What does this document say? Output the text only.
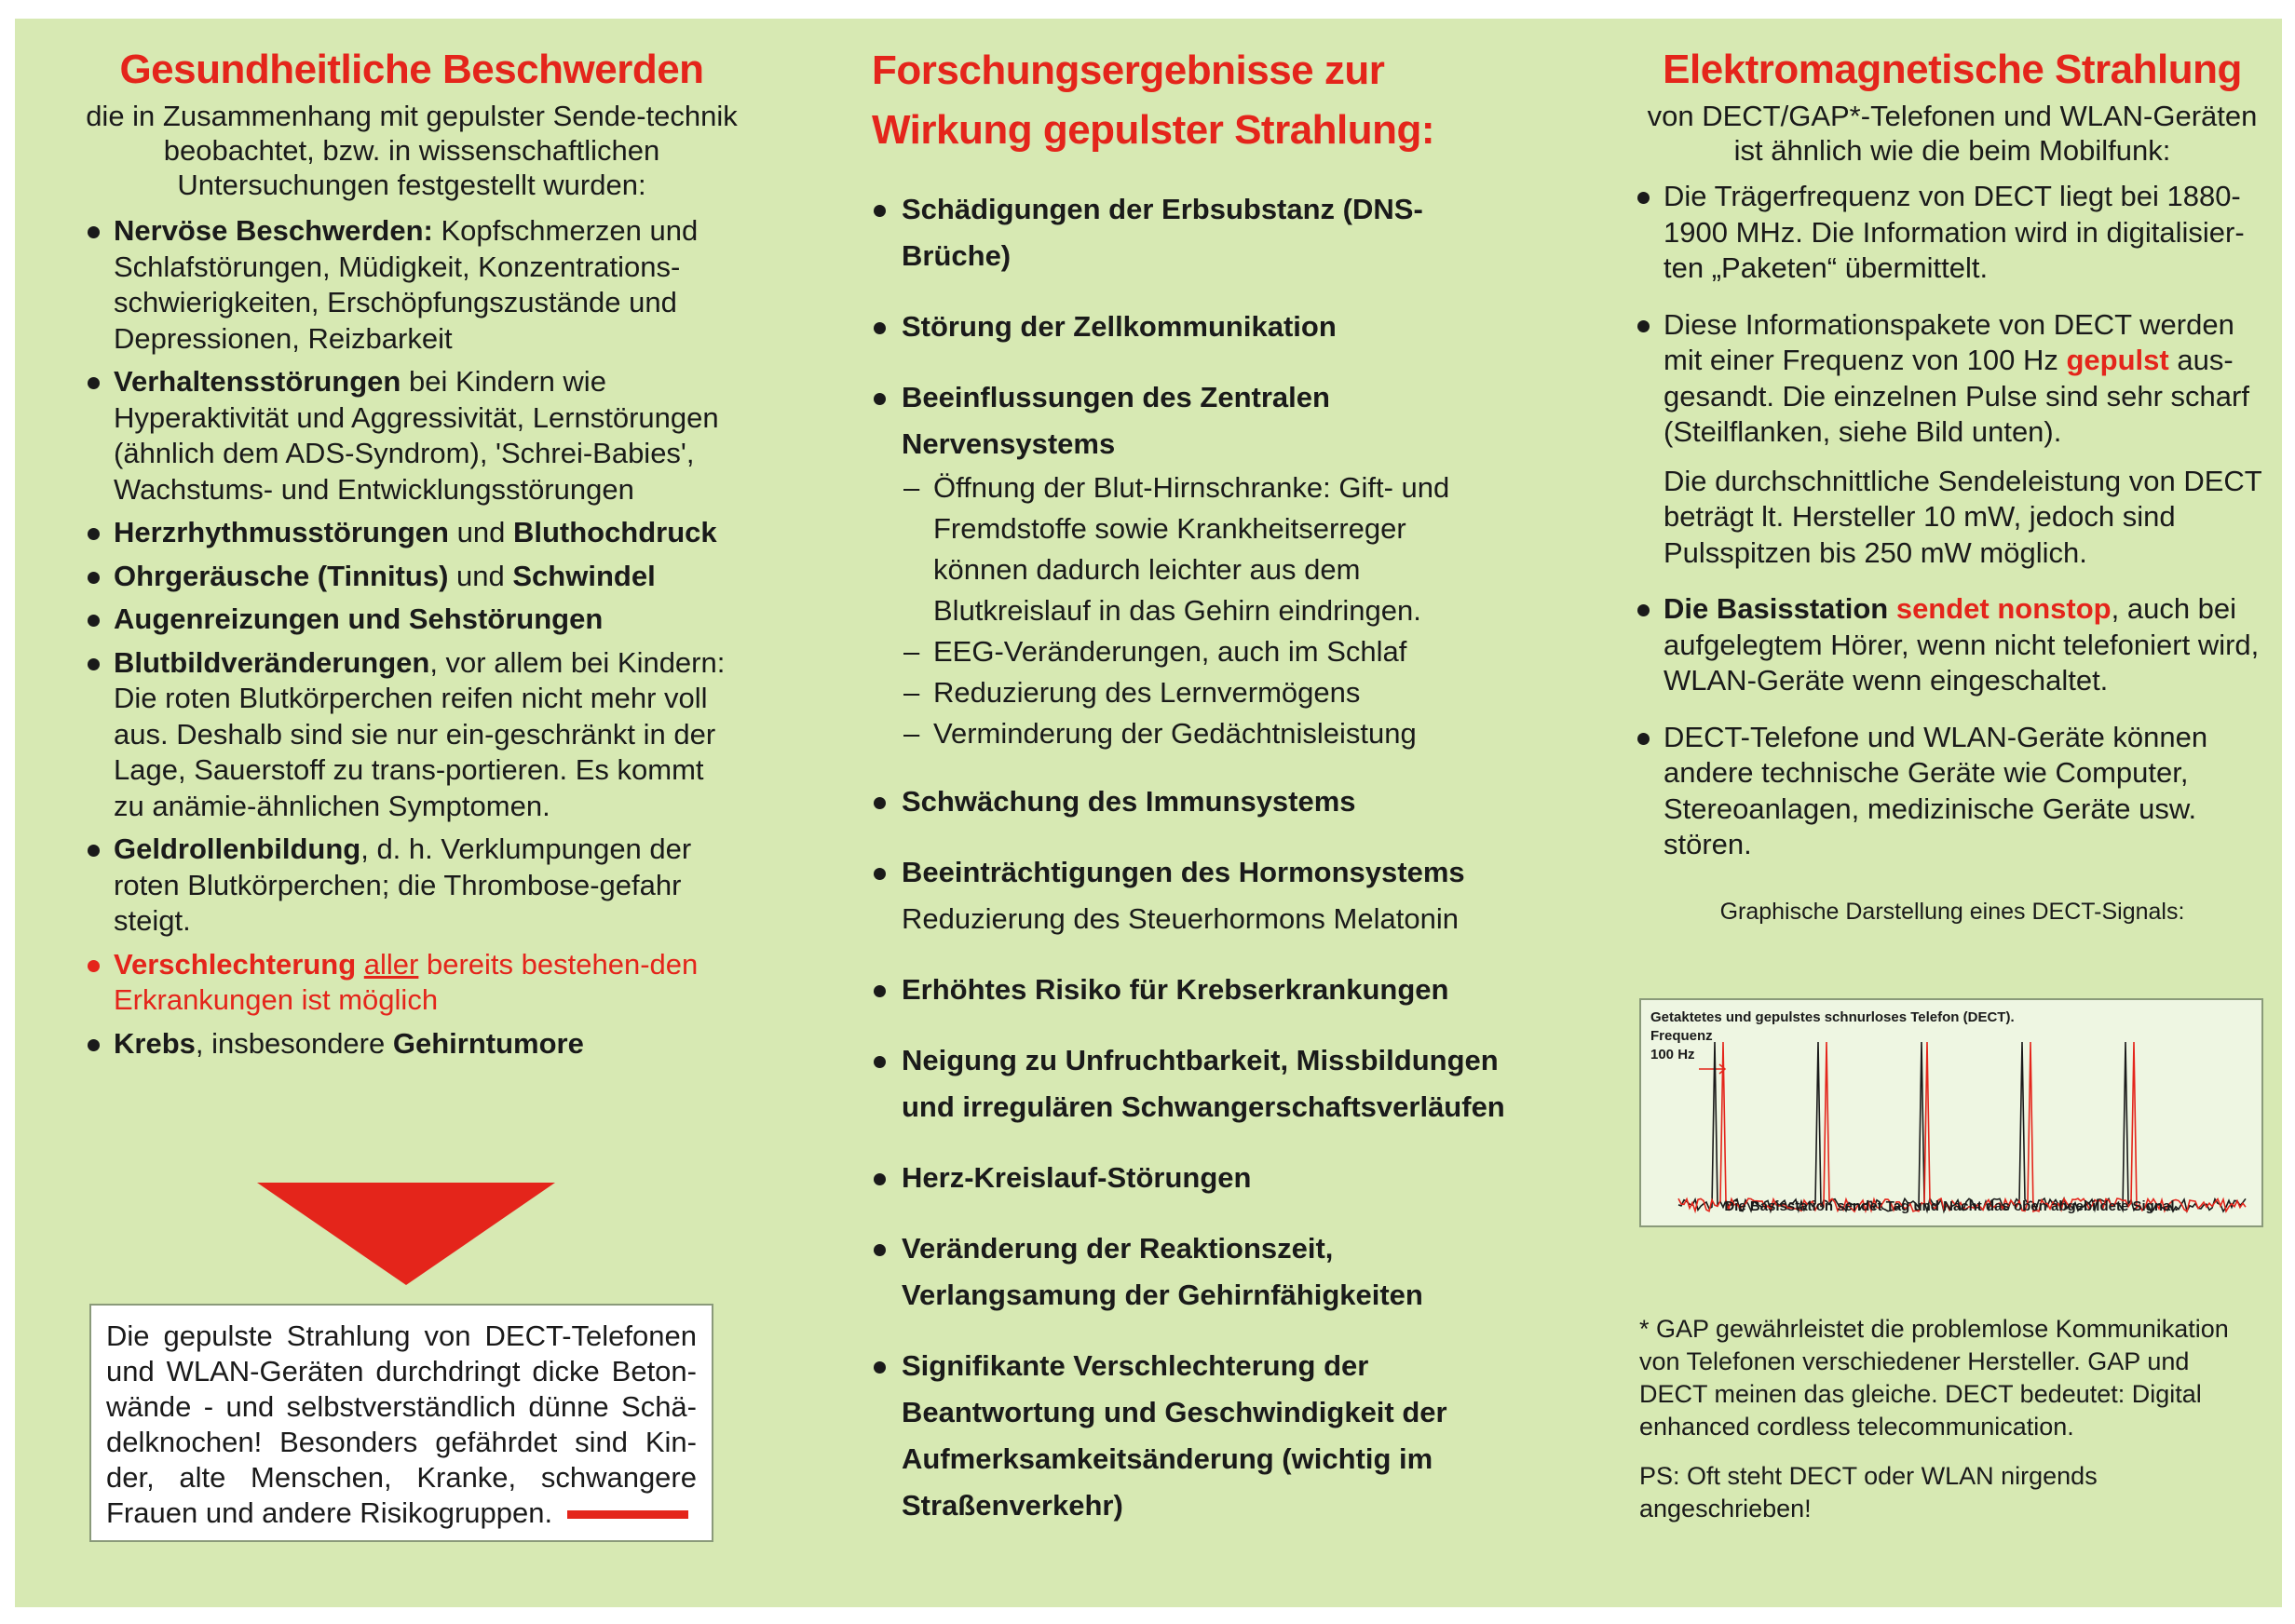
Gesundheitliche Beschwerden

die in Zusammenhang mit gepulster Sende-technik beobachtet, bzw. in wissenschaftlichen Untersuchungen festgestellt wurden:

Nervöse Beschwerden: Kopfschmerzen und Schlafstörungen, Müdigkeit, Konzentrations-schwierigkeiten, Erschöpfungszustände und Depressionen, Reizbarkeit
Verhaltensstörungen bei Kindern wie Hyperaktivität und Aggressivität, Lernstörungen (ähnlich dem ADS-Syndrom), 'Schrei-Babies', Wachstums- und Entwicklungsstörungen
Herzrhythmusstörungen und Bluthochdruck
Ohrgeräusche (Tinnitus) und Schwindel
Augenreizungen und Sehstörungen
Blutbildveränderungen, vor allem bei Kindern: Die roten Blutkörperchen reifen nicht mehr voll aus. Deshalb sind sie nur ein-geschränkt in der Lage, Sauerstoff zu trans-portieren. Es kommt zu anämie-ähnlichen Symptomen.
Geldrollenbildung, d. h. Verklumpungen der roten Blutkörperchen; die Thrombose-gefahr steigt.
Verschlechterung aller bereits bestehen-den Erkrankungen ist möglich
Krebs, insbesondere Gehirntumore
Die gepulste Strahlung von DECT-Telefonen und WLAN-Geräten durchdringt dicke Beton-wände - und selbstverständlich dünne Schä-delknochen! Besonders gefährdet sind Kin-der, alte Menschen, Kranke, schwangere Frauen und andere Risikogruppen.
Forschungsergebnisse zur Wirkung gepulster Strahlung:
Schädigungen der Erbsubstanz (DNS-Brüche)
Störung der Zellkommunikation
Beeinflussungen des Zentralen Nervensystems
– Öffnung der Blut-Hirnschranke: Gift- und Fremdstoffe sowie Krankheitserreger können dadurch leichter aus dem Blutkreislauf in das Gehirn eindringen.
– EEG-Veränderungen, auch im Schlaf
– Reduzierung des Lernvermögens
– Verminderung der Gedächtnisleistung
Schwächung des Immunsystems
Beeinträchtigungen des Hormonsystems
Reduzierung des Steuerhormons Melatonin
Erhöhtes Risiko für Krebserkrankungen
Neigung zu Unfruchtbarkeit, Missbildungen und irregulären Schwangerschaftsverläufen
Herz-Kreislauf-Störungen
Veränderung der Reaktionszeit, Verlangsamung der Gehirnfähigkeiten
Signifikante Verschlechterung der Beantwortung und Geschwindigkeit der Aufmerksamkeitsänderung (wichtig im Straßenverkehr)
Elektromagnetische Strahlung

von DECT/GAP*-Telefonen und WLAN-Geräten ist ähnlich wie die beim Mobilfunk:

Die Trägerfrequenz von DECT liegt bei 1880-1900 MHz. Die Information wird in digitalisier-ten „Paketen“ übermittelt.
Diese Informationspakete von DECT werden mit einer Frequenz von 100 Hz gepulst aus-gesandt. Die einzelnen Pulse sind sehr scharf (Steilflanken, siehe Bild unten).

Die durchschnittliche Sendeleistung von DECT beträgt lt. Hersteller 10 mW, jedoch sind Pulsspitzen bis 250 mW möglich.

Die Basisstation sendet nonstop, auch bei aufgelegtem Hörer, wenn nicht telefoniert wird, WLAN-Geräte wenn eingeschaltet.
DECT-Telefone und WLAN-Geräte können andere technische Geräte wie Computer, Stereoanlagen, medizinische Geräte usw. stören.

Graphische Darstellung eines DECT-Signals:

Getaktetes und gepulstes schnurloses Telefon (DECT).
Frequenz
100 Hz
Die Basisstation sendet Tag und Nacht das oben abgebildete Signal.

* GAP gewährleistet die problemlose Kommunikation von Telefonen verschiedener Hersteller. GAP und DECT meinen das gleiche. DECT bedeutet: Digital enhanced cordless telecommunication.

PS: Oft steht DECT oder WLAN nirgends angeschrieben!
